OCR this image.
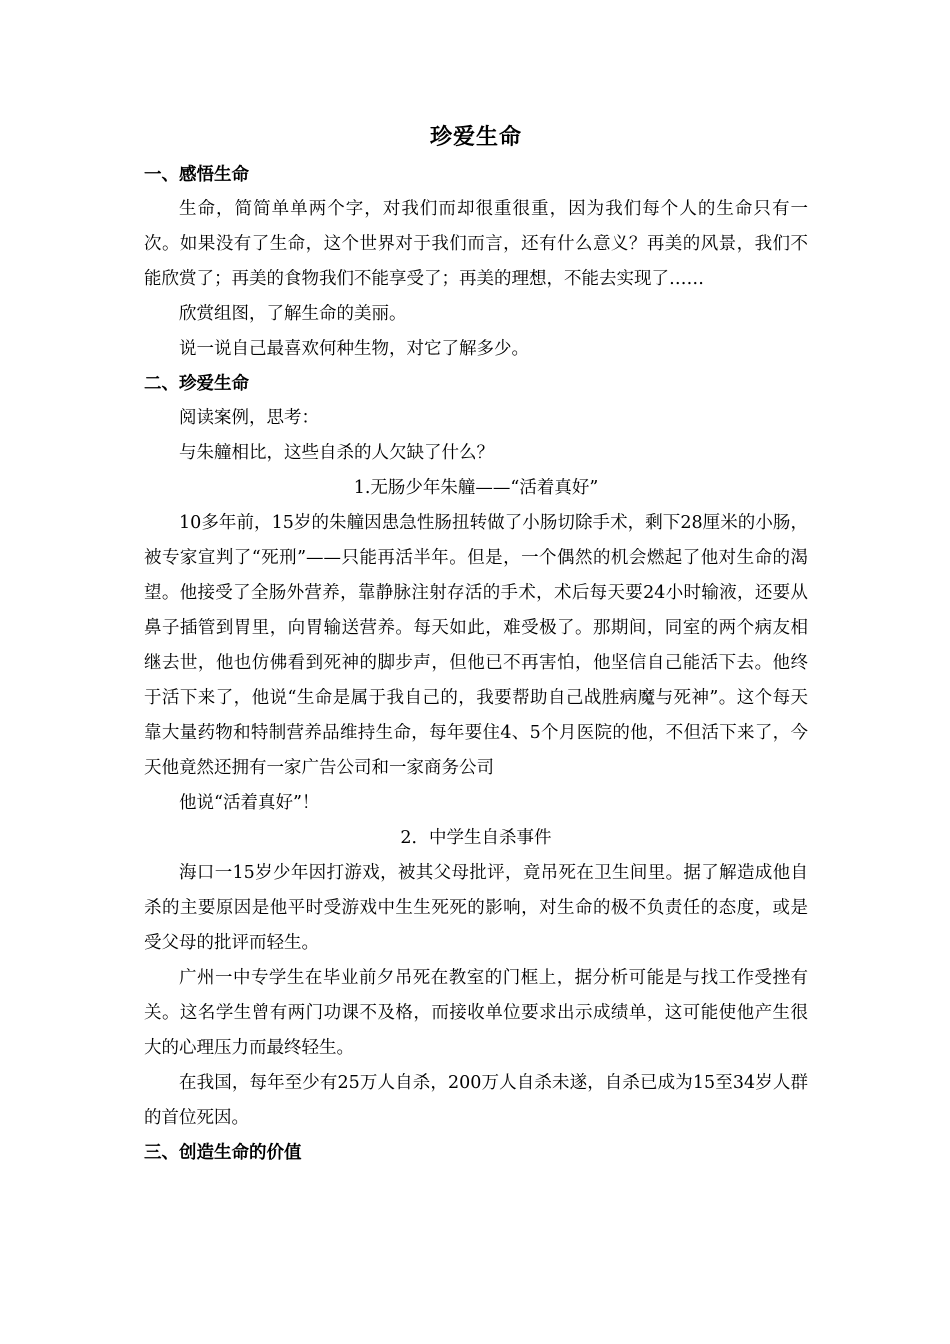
珍爱生命
一、感悟生命

生命，简简单单两个字，对我们而却很重很重，因为我们每个人的生命只有一次。如果没有了生命，这个世界对于我们而言，还有什么意义？再美的风景，我们不能欣赏了；再美的食物我们不能享受了；再美的理想，不能去实现了……

欣赏组图，了解生命的美丽。

说一说自己最喜欢何种生物，对它了解多少。

二、珍爱生命

阅读案例，思考：

与朱艟相比，这些自杀的人欠缺了什么？

1.无肠少年朱艟——“活着真好”

10多年前，15岁的朱艟因患急性肠扭转做了小肠切除手术，剩下28厘米的小肠，被专家宣判了“死刑”——只能再活半年。但是，一个偶然的机会燃起了他对生命的渴望。他接受了全肠外营养，靠静脉注射存活的手术，术后每天要24小时输液，还要从鼻子插管到胃里，向胃输送营养。每天如此，难受极了。那期间，同室的两个病友相继去世，他也仿佛看到死神的脚步声，但他已不再害怕，他坚信自己能活下去。他终于活下来了，他说“生命是属于我自己的，我要帮助自己战胜病魔与死神”。这个每天靠大量药物和特制营养品维持生命，每年要住4、5个月医院的他，不但活下来了，今天他竟然还拥有一家广告公司和一家商务公司

他说“活着真好”！

2．中学生自杀事件

海口一15岁少年因打游戏，被其父母批评，竟吊死在卫生间里。据了解造成他自杀的主要原因是他平时受游戏中生生死死的影响，对生命的极不负责任的态度，或是受父母的批评而轻生。

广州一中专学生在毕业前夕吊死在教室的门框上，据分析可能是与找工作受挫有关。这名学生曾有两门功课不及格，而接收单位要求出示成绩单，这可能使他产生很大的心理压力而最终轻生。

在我国，每年至少有25万人自杀，200万人自杀未遂，自杀已成为15至34岁人群的首位死因。

三、创造生命的价值
